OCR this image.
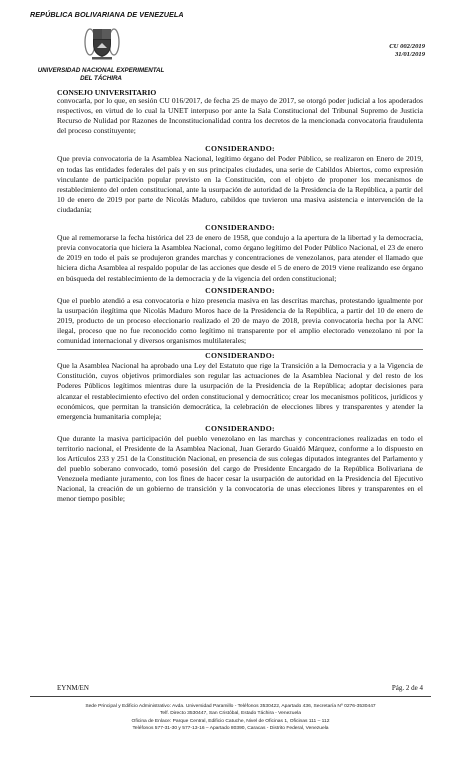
REPÚBLICA BOLIVARIANA DE VENEZUELA
UNIVERSIDAD NACIONAL EXPERIMENTAL
DEL TÁCHIRA
CU 002/2019
31/01/2019
CONSEJO UNIVERSITARIO

convocarla, por lo que, en sesión CU 016/2017, de fecha 25 de mayo de 2017, se otorgó poder judicial a los apoderados respectivos, en virtud de lo cual la UNET interpuso por ante la Sala Constitucional del Tribunal Supremo de Justicia Recurso de Nulidad por Razones de Inconstitucionalidad contra los decretos de la mencionada convocatoria fraudulenta del proceso constituyente;

CONSIDERANDO:

Que previa convocatoria de la Asamblea Nacional, legítimo órgano del Poder Público, se realizaron en Enero de 2019, en todas las entidades federales del país y en sus principales ciudades, una serie de Cabildos Abiertos, como expresión vinculante de participación popular previsto en la Constitución, con el objeto de proponer los mecanismos de restablecimiento del orden constitucional, ante la usurpación de autoridad de la Presidencia de la República, a partir del 10 de enero de 2019 por parte de Nicolás Maduro, cabildos que tuvieron una masiva asistencia e intervención de la ciudadanía;

CONSIDERANDO:

Que al rememorarse la fecha histórica del 23 de enero de 1958, que condujo a la apertura de la libertad y la democracia, previa convocatoria que hiciera la Asamblea Nacional, como órgano legítimo del Poder Público Nacional, el 23 de enero de 2019 en todo el país se produjeron grandes marchas y concentraciones de venezolanos, para atender el llamado que hiciera dicha Asamblea al respaldo popular de las acciones que desde el 5 de enero de 2019 viene realizando ese órgano en búsqueda del restablecimiento de la democracia y de la vigencia del orden constitucional;

CONSIDERANDO:

Que el pueblo atendió a esa convocatoria e hizo presencia masiva en las descritas marchas, protestando igualmente por la usurpación ilegítima que Nicolás Maduro Moros hace de la Presidencia de la República, a partir del 10 de enero de 2019, producto de un proceso eleccionario realizado el 20 de mayo de 2018, previa convocatoria hecha por la ANC ilegal, proceso que no fue reconocido como legítimo ni transparente por el amplio electorado venezolano ni por la comunidad internacional y diversos organismos multilaterales;

CONSIDERANDO:

Que la Asamblea Nacional ha aprobado una Ley del Estatuto que rige la Transición a la Democracia y a la Vigencia de Constitución, cuyos objetivos primordiales son regular las actuaciones de la Asamblea Nacional y del resto de los Poderes Públicos legítimos mientras dure la usurpación de la Presidencia de la República; adoptar decisiones para alcanzar el restablecimiento efectivo del orden constitucional y democrático; crear los mecanismos políticos, jurídicos y económicos, que permitan la transición democrática, la celebración de elecciones libres y transparentes y atender la emergencia humanitaria compleja;

CONSIDERANDO:

Que durante la masiva participación del pueblo venezolano en las marchas y concentraciones realizadas en todo el territorio nacional, el Presidente de la Asamblea Nacional, Juan Gerardo Guaidó Márquez, conforme a lo dispuesto en los Artículos 233 y 251 de la Constitución Nacional, en presencia de sus colegas diputados integrantes del Parlamento y del pueblo soberano convocado, tomó posesión del cargo de Presidente Encargado de la República Bolivariana de Venezuela mediante juramento, con los fines de hacer cesar la usurpación de autoridad en la Presidencia del Ejecutivo Nacional, la creación de un gobierno de transición y la convocatoria de unas elecciones libres y transparentes en el menor tiempo posible;

EYNM/EN	Pág. 2 de 4
Sede Principal y Edificio Administrativo: Avda. Universidad Paramillo - Teléfonos 3530422, Apartado 436, Secretaría Nº 0276-3530447
Telf. Directo 3530447, San Cristóbal, Estado Táchira - Venezuela
Oficina de Enlace: Parque Central, Edificio Catuche, Nivel de Oficinas 1, Oficinas 111 – 112
Teléfonos 577-31-30 y 577-13-16 – Apartado 80390, Caracas - Distrito Federal, Venezuela
